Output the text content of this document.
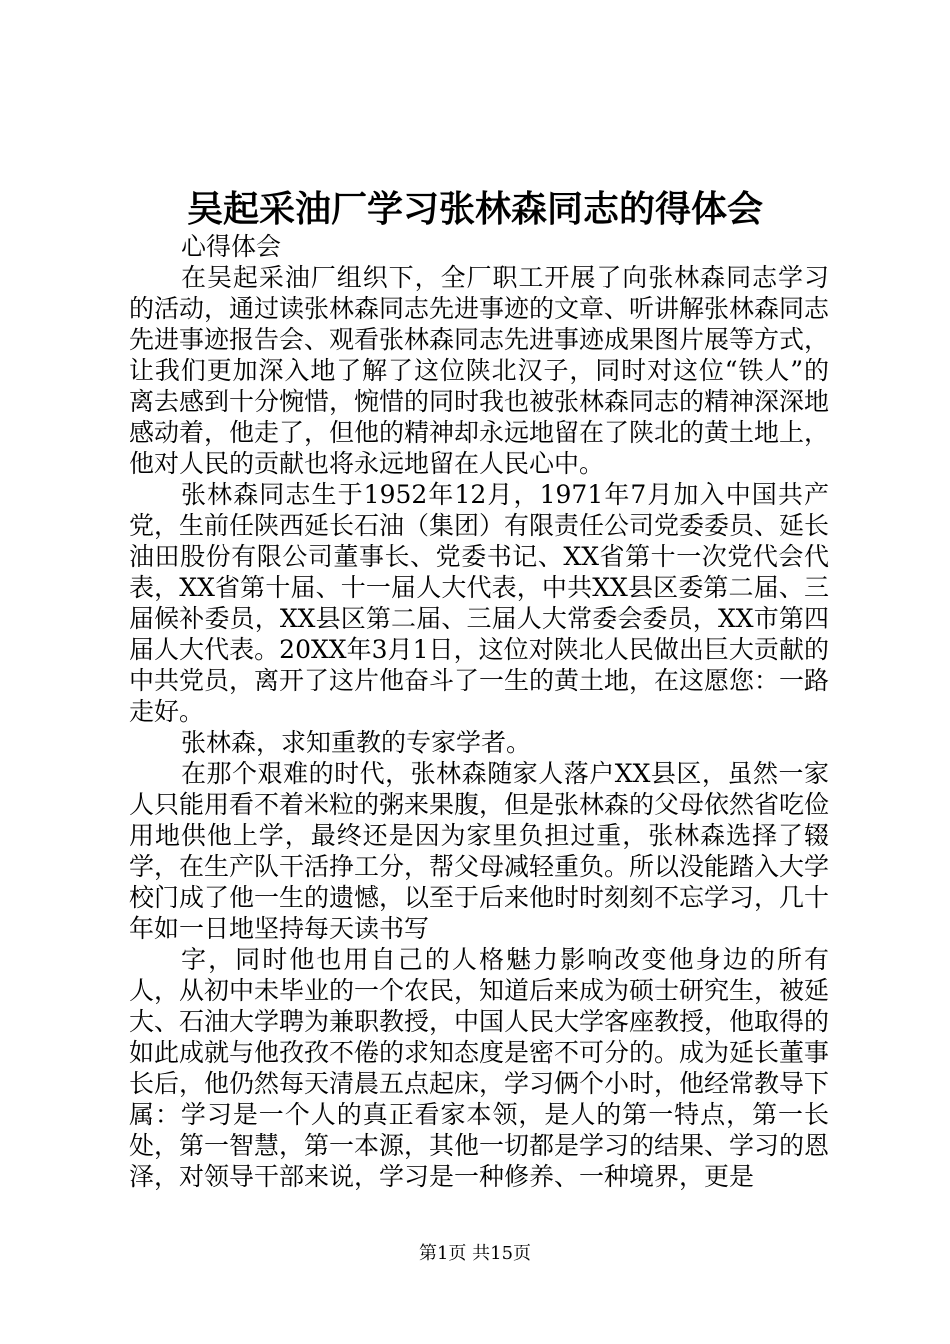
吴起采油厂学习张林森同志的得体会

心得体会

在吴起采油厂组织下，全厂职工开展了向张林森同志学习的活动，通过读张林森同志先进事迹的文章、听讲解张林森同志先进事迹报告会、观看张林森同志先进事迹成果图片展等方式，让我们更加深入地了解了这位陕北汉子，同时对这位“铁人”的离去感到十分惋惜，惋惜的同时我也被张林森同志的精神深深地感动着，他走了，但他的精神却永远地留在了陕北的黄土地上，他对人民的贡献也将永远地留在人民心中。

张林森同志生于1952年12月，1971年7月加入中国共产党，生前任陕西延长石油（集团）有限责任公司党委委员、延长油田股份有限公司董事长、党委书记、XX省第十一次党代会代表，XX省第十届、十一届人大代表，中共XX县区委第二届、三届候补委员，XX县区第二届、三届人大常委会委员，XX市第四届人大代表。20XX年3月1日，这位对陕北人民做出巨大贡献的中共党员，离开了这片他奋斗了一生的黄土地，在这愿您：一路走好。

张林森，求知重教的专家学者。

在那个艰难的时代，张林森随家人落户XX县区，虽然一家人只能用看不着米粒的粥来果腹，但是张林森的父母依然省吃俭用地供他上学，最终还是因为家里负担过重，张林森选择了辍学，在生产队干活挣工分，帮父母减轻重负。所以没能踏入大学校门成了他一生的遗憾，以至于后来他时时刻刻不忘学习，几十年如一日地坚持每天读书写

字，同时他也用自己的人格魅力影响改变他身边的所有人，从初中未毕业的一个农民，知道后来成为硕士研究生，被延大、石油大学聘为兼职教授，中国人民大学客座教授，他取得的如此成就与他孜孜不倦的求知态度是密不可分的。成为延长董事长后，他仍然每天清晨五点起床，学习俩个小时，他经常教导下属：学习是一个人的真正看家本领，是人的第一特点，第一长处，第一智慧，第一本源，其他一切都是学习的结果、学习的恩泽，对领导干部来说，学习是一种修养、一种境界，更是

第1页 共15页
